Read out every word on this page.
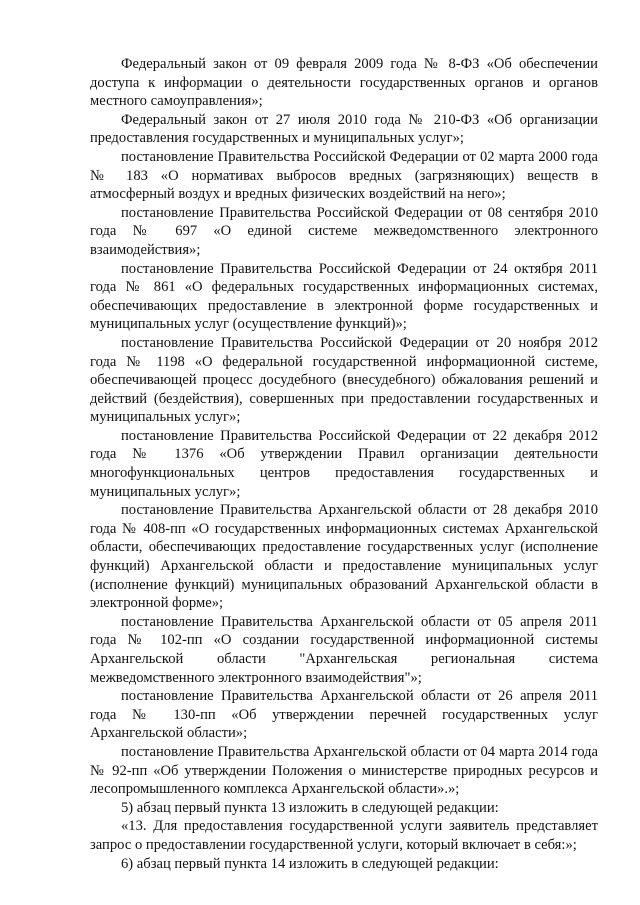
Федеральный закон от 09 февраля 2009 года № 8-ФЗ «Об обеспечении доступа к информации о деятельности государственных органов и органов местного самоуправления»;

Федеральный закон от 27 июля 2010 года № 210-ФЗ «Об организации предоставления государственных и муниципальных услуг»;

постановление Правительства Российской Федерации от 02 марта 2000 года № 183 «О нормативах выбросов вредных (загрязняющих) веществ в атмосферный воздух и вредных физических воздействий на него»;

постановление Правительства Российской Федерации от 08 сентября 2010 года № 697 «О единой системе межведомственного электронного взаимодействия»;

постановление Правительства Российской Федерации от 24 октября 2011 года № 861 «О федеральных государственных информационных системах, обеспечивающих предоставление в электронной форме государственных и муниципальных услуг (осуществление функций)»;

постановление Правительства Российской Федерации от 20 ноября 2012 года № 1198 «О федеральной государственной информационной системе, обеспечивающей процесс досудебного (внесудебного) обжалования решений и действий (бездействия), совершенных при предоставлении государственных и муниципальных услуг»;

постановление Правительства Российской Федерации от 22 декабря 2012 года № 1376 «Об утверждении Правил организации деятельности многофункциональных центров предоставления государственных и муниципальных услуг»;

постановление Правительства Архангельской области от 28 декабря 2010 года № 408-пп «О государственных информационных системах Архангельской области, обеспечивающих предоставление государственных услуг (исполнение функций) Архангельской области и предоставление муниципальных услуг (исполнение функций) муниципальных образований Архангельской области в электронной форме»;

постановление Правительства Архангельской области от 05 апреля 2011 года № 102-пп «О создании государственной информационной системы Архангельской области "Архангельская региональная система межведомственного электронного взаимодействия"»;

постановление Правительства Архангельской области от 26 апреля 2011 года № 130-пп «Об утверждении перечней государственных услуг Архангельской области»;

постановление Правительства Архангельской области от 04 марта 2014 года № 92-пп «Об утверждении Положения о министерстве природных ресурсов и лесопромышленного комплекса Архангельской области».»;

5) абзац первый пункта 13 изложить в следующей редакции:

«13. Для предоставления государственной услуги заявитель представляет запрос о предоставлении государственной услуги, который включает в себя:»;

6) абзац первый пункта 14 изложить в следующей редакции:
